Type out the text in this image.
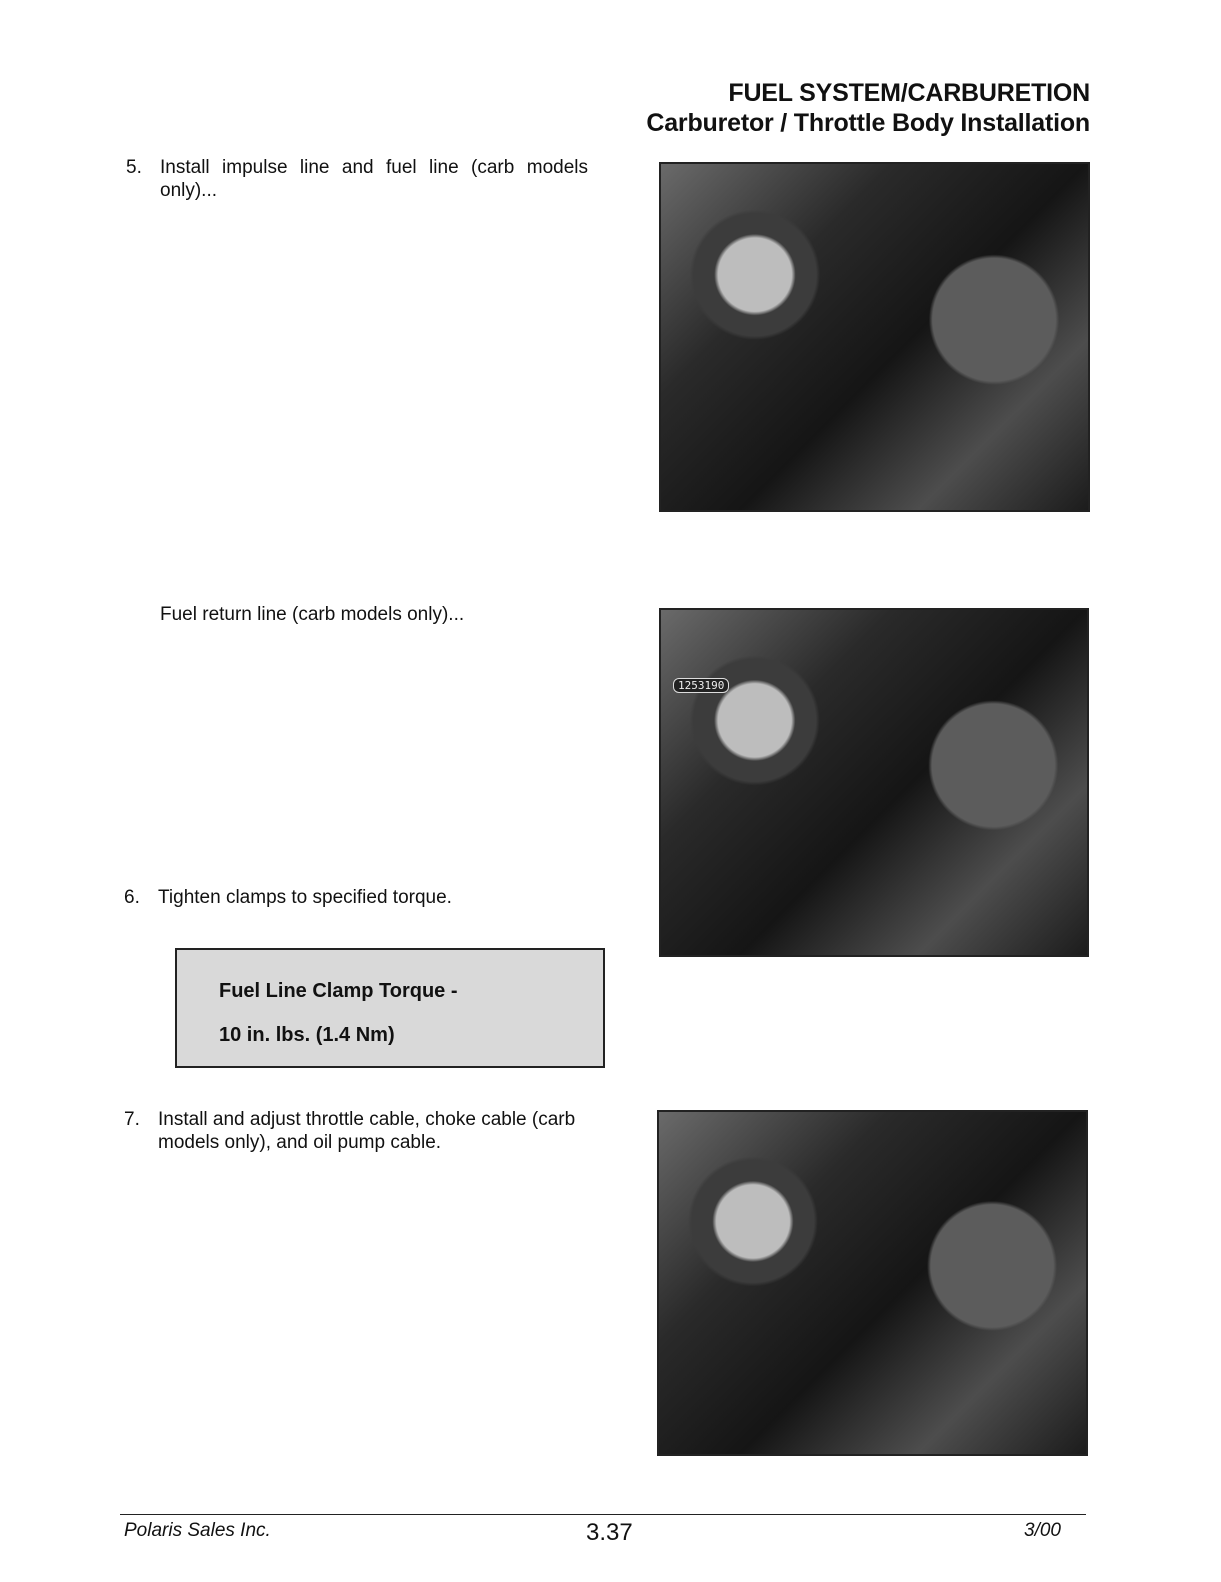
FUEL SYSTEM/CARBURETION
Carburetor / Throttle Body Installation
5. Install impulse line and fuel line (carb models only)...
Fuel return line (carb models only)...
6. Tighten clamps to specified torque.
Fuel Line Clamp Torque -
10 in. lbs. (1.4 Nm)
7. Install and adjust throttle cable, choke cable (carb models only), and oil pump cable.
1253190
Polaris Sales Inc.	3.37	3/00
